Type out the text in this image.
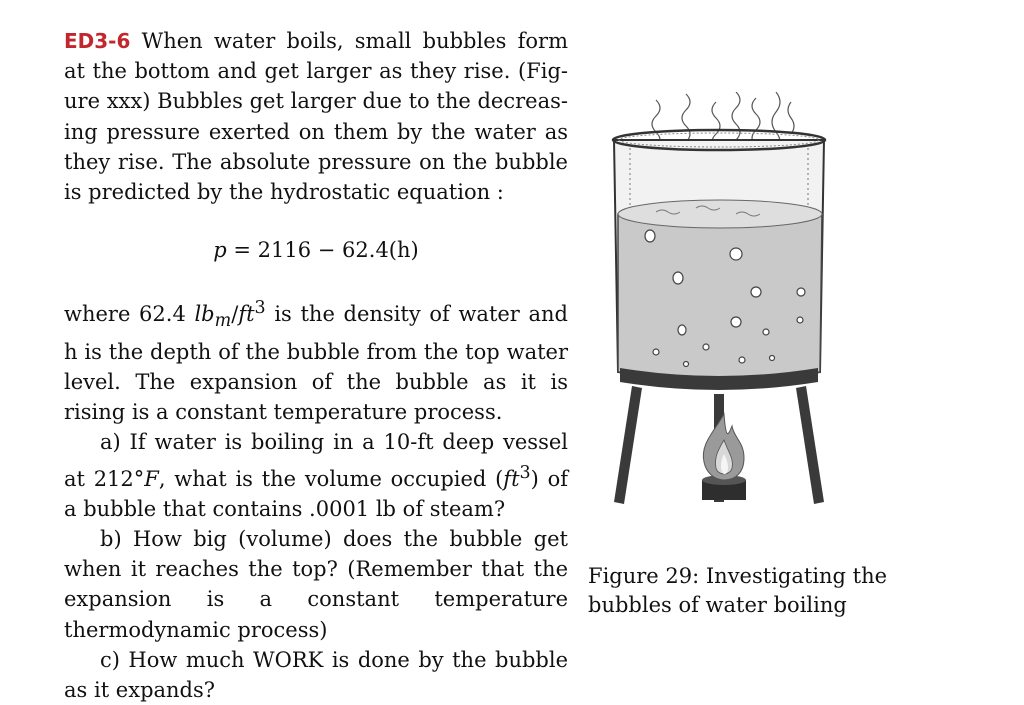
ED3-6 When water boils, small bubbles form at the bottom and get larger as they rise. (Figure xxx) Bubbles get larger due to the decreasing pressure exerted on them by the water as they rise. The absolute pressure on the bubble is predicted by the hydrostatic equation :

p = 2116 − 62.4(h)

where 62.4 $lb_m/ft^3$ is the density of water and h is the depth of the bubble from the top water level. The expansion of the bubble as it is rising is a constant temperature process.

a) If water is boiling in a 10-ft deep vessel at 212°F, what is the volume occupied $(ft^3)$ of a bubble that contains .0001 lb of steam?

b) How big (volume) does the bubble get when it reaches the top? (Remember that the expansion is a constant temperature thermodynamic process)

c) How much WORK is done by the bubble as it expands?

Figure 29: Investigating the bubbles of water boiling
